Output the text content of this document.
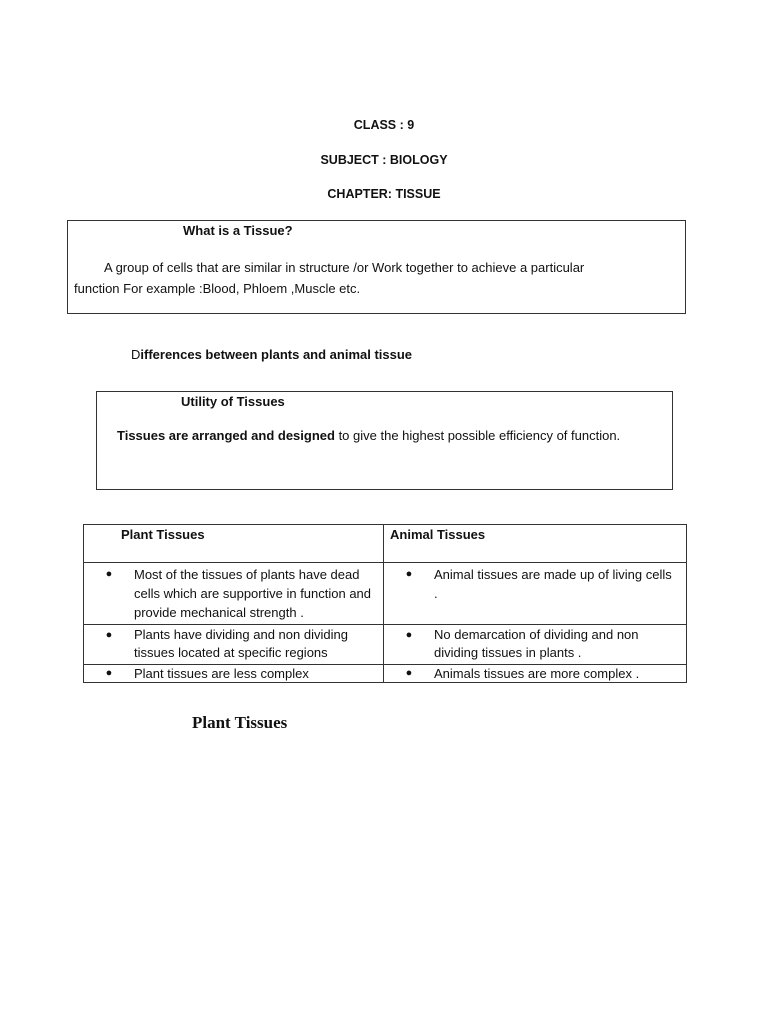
CLASS : 9
SUBJECT : BIOLOGY
CHAPTER: TISSUE
What is a Tissue?
A group of cells that are similar in structure /or Work together to achieve a particular
function For example :Blood, Phloem ,Muscle etc.
Differences between plants and animal tissue
Utility of Tissues
Tissues are arranged and designed to give the highest possible efficiency of function.
Plant Tissues	Animal Tissues

● Most of the tissues of plants have dead cells which are supportive in function and provide mechanical strength .	● Animal tissues are made up of living cells .

● Plants have dividing and non dividing tissues located at specific regions	● No demarcation of dividing and non dividing tissues in plants .

● Plant tissues are less complex	● Animals tissues are more complex .
Plant Tissues
